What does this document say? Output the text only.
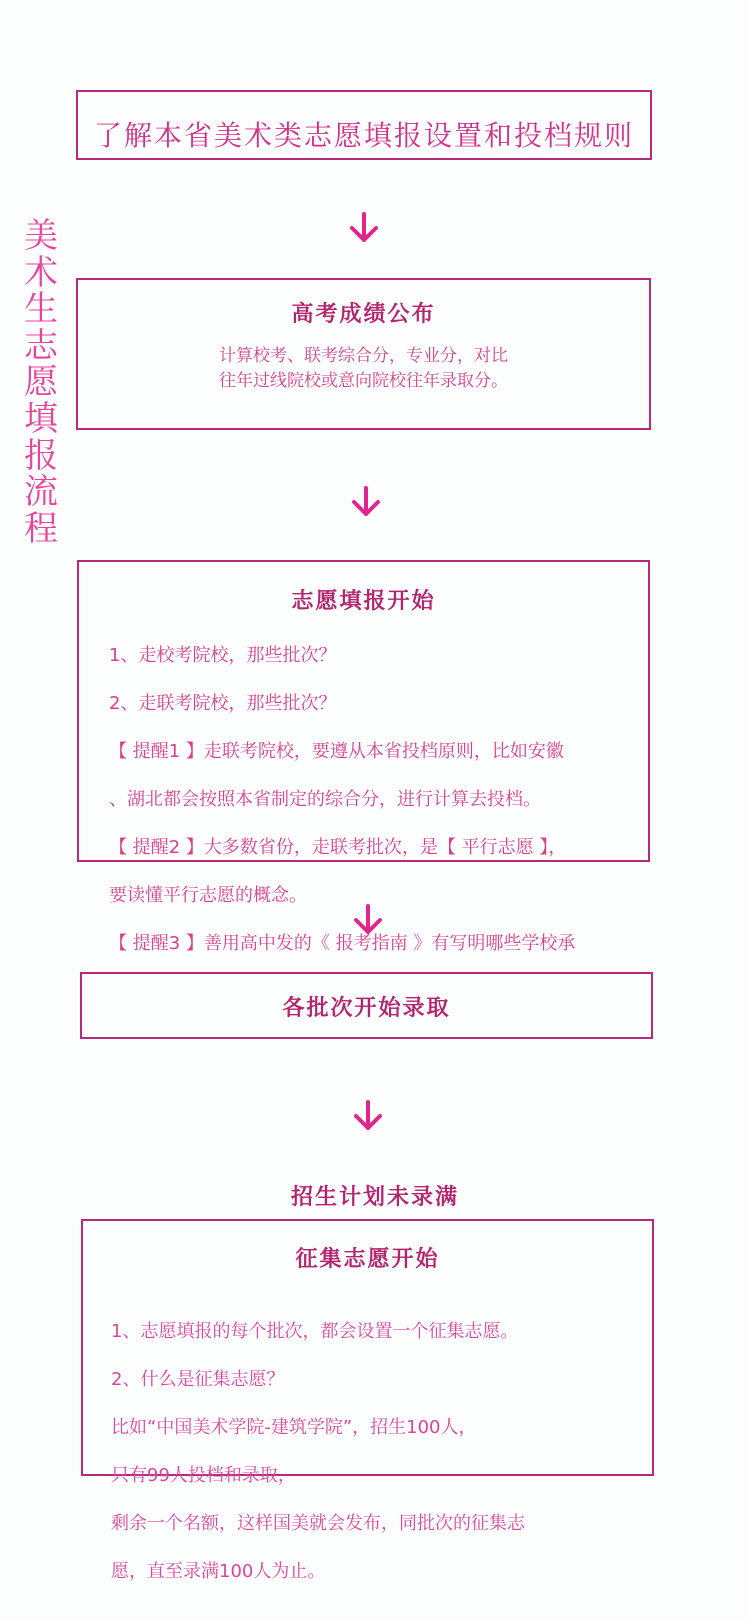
美术生志愿填报流程
了解本省美术类志愿填报设置和投档规则
高考成绩公布
计算校考、联考综合分，专业分，对比
往年过线院校或意向院校往年录取分。
志愿填报开始

1、走校考院校，那些批次？

2、走联考院校，那些批次？

【 提醒1 】走联考院校，要遵从本省投档原则，比如安徽

、湖北都会按照本省制定的综合分，进行计算去投档。

【 提醒2 】大多数省份，走联考批次，是【 平行志愿 】，

要读懂平行志愿的概念。

【 提醒3 】善用高中发的《 报考指南 》有写明哪些学校承

各批次开始录取
招生计划未录满
征集志愿开始

1、志愿填报的每个批次，都会设置一个征集志愿。

2、什么是征集志愿？

比如“中国美术学院-建筑学院”，招生100人，

只有99人投档和录取，

剩余一个名额，这样国美就会发布，同批次的征集志

愿，直至录满100人为止。
